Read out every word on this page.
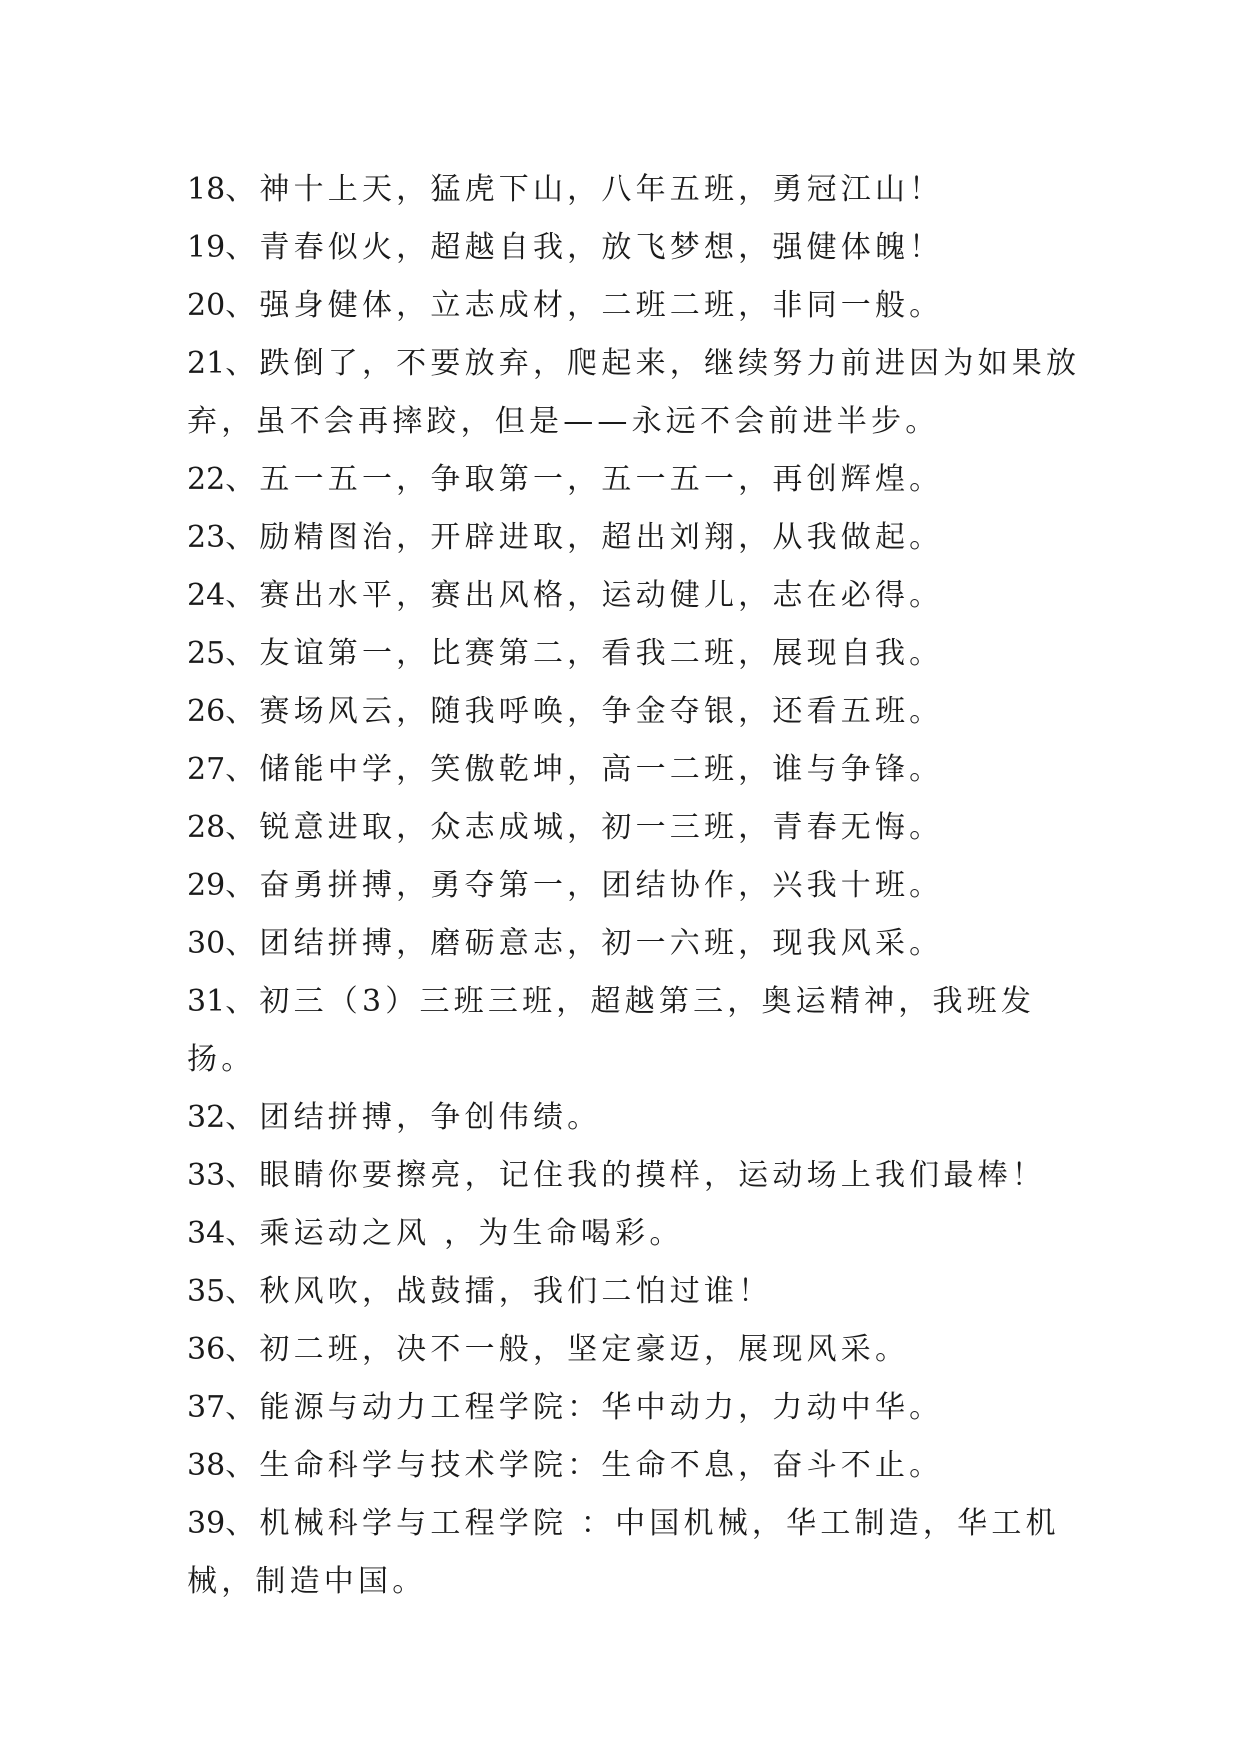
18、神十上天，猛虎下山，八年五班，勇冠江山！

19、青春似火，超越自我，放飞梦想，强健体魄！

20、强身健体，立志成材，二班二班，非同一般。

21、跌倒了，不要放弃，爬起来，继续努力前进因为如果放弃，虽不会再摔跤，但是——永远不会前进半步。

22、五一五一，争取第一，五一五一，再创辉煌。

23、励精图治，开辟进取，超出刘翔，从我做起。

24、赛出水平，赛出风格，运动健儿，志在必得。

25、友谊第一，比赛第二，看我二班，展现自我。

26、赛场风云，随我呼唤，争金夺银，还看五班。

27、储能中学，笑傲乾坤，高一二班，谁与争锋。

28、锐意进取，众志成城，初一三班，青春无悔。

29、奋勇拼搏，勇夺第一，团结协作，兴我十班。

30、团结拼搏，磨砺意志，初一六班，现我风采。

31、初三（3）三班三班，超越第三，奥运精神，我班发扬。

32、团结拼搏，争创伟绩。

33、眼睛你要擦亮，记住我的摸样，运动场上我们最棒！

34、乘运动之风 ，为生命喝彩。

35、秋风吹，战鼓擂，我们二怕过谁！

36、初二班，决不一般，坚定豪迈，展现风采。

37、能源与动力工程学院：华中动力，力动中华。

38、生命科学与技术学院：生命不息，奋斗不止。

39、机械科学与工程学院 ：中国机械，华工制造，华工机械，制造中国。
